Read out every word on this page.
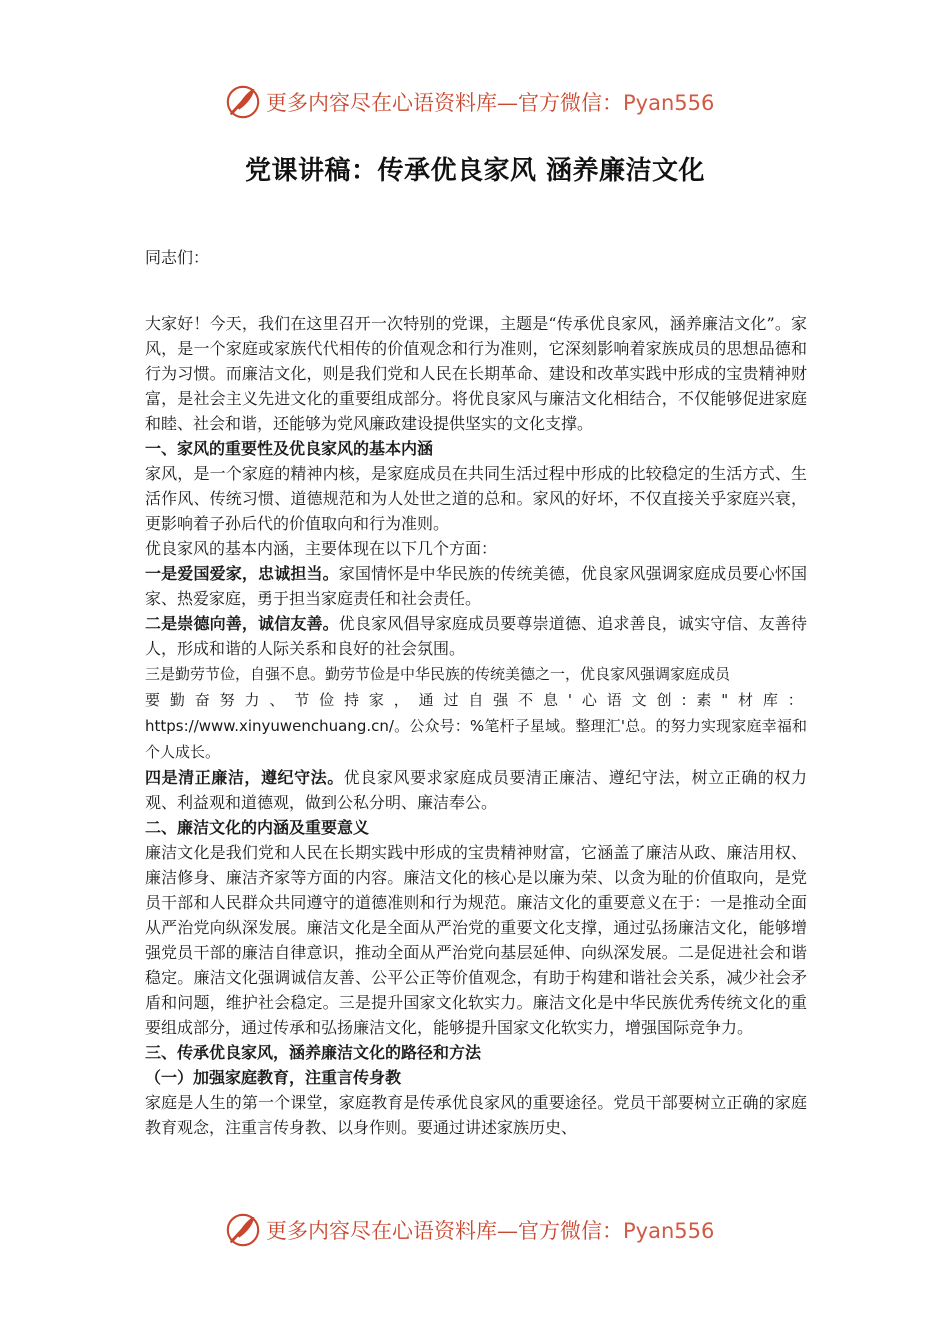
更多内容尽在心语资料库—官方微信：Pyan556
党课讲稿：传承优良家风 涵养廉洁文化

同志们：

大家好！今天，我们在这里召开一次特别的党课，主题是“传承优良家风，涵养廉洁文化”。家风，是一个家庭或家族代代相传的价值观念和行为准则，它深刻影响着家族成员的思想品德和行为习惯。而廉洁文化，则是我们党和人民在长期革命、建设和改革实践中形成的宝贵精神财富，是社会主义先进文化的重要组成部分。将优良家风与廉洁文化相结合，不仅能够促进家庭和睦、社会和谐，还能够为党风廉政建设提供坚实的文化支撑。

一、家风的重要性及优良家风的基本内涵

家风，是一个家庭的精神内核，是家庭成员在共同生活过程中形成的比较稳定的生活方式、生活作风、传统习惯、道德规范和为人处世之道的总和。家风的好坏，不仅直接关乎家庭兴衰，更影响着子孙后代的价值取向和行为准则。

优良家风的基本内涵，主要体现在以下几个方面：

一是爱国爱家，忠诚担当。家国情怀是中华民族的传统美德，优良家风强调家庭成员要心怀国家、热爱家庭，勇于担当家庭责任和社会责任。

二是崇德向善，诚信友善。优良家风倡导家庭成员要尊崇道德、追求善良，诚实守信、友善待人，形成和谐的人际关系和良好的社会氛围。

三是勤劳节俭，自强不息。勤劳节俭是中华民族的传统美德之一，优良家风强调家庭成员
要勤奋努力、节俭持家，通过自强不息'心语文创:素"材库： https://www.xinyuwenchuang.cn/。公众号：%笔杆子星域。整理汇'总。的努力实现家庭幸福和个人成长。

四是清正廉洁，遵纪守法。优良家风要求家庭成员要清正廉洁、遵纪守法，树立正确的权力观、利益观和道德观，做到公私分明、廉洁奉公。

二、廉洁文化的内涵及重要意义

廉洁文化是我们党和人民在长期实践中形成的宝贵精神财富，它涵盖了廉洁从政、廉洁用权、廉洁修身、廉洁齐家等方面的内容。廉洁文化的核心是以廉为荣、以贪为耻的价值取向，是党员干部和人民群众共同遵守的道德准则和行为规范。廉洁文化的重要意义在于：一是推动全面从严治党向纵深发展。廉洁文化是全面从严治党的重要文化支撑，通过弘扬廉洁文化，能够增强党员干部的廉洁自律意识，推动全面从严治党向基层延伸、向纵深发展。二是促进社会和谐稳定。廉洁文化强调诚信友善、公平公正等价值观念，有助于构建和谐社会关系，减少社会矛盾和问题，维护社会稳定。三是提升国家文化软实力。廉洁文化是中华民族优秀传统文化的重要组成部分，通过传承和弘扬廉洁文化，能够提升国家文化软实力，增强国际竞争力。

三、传承优良家风，涵养廉洁文化的路径和方法

（一）加强家庭教育，注重言传身教

家庭是人生的第一个课堂，家庭教育是传承优良家风的重要途径。党员干部要树立正确的家庭教育观念，注重言传身教、以身作则。要通过讲述家族历史、

更多内容尽在心语资料库—官方微信：Pyan556
